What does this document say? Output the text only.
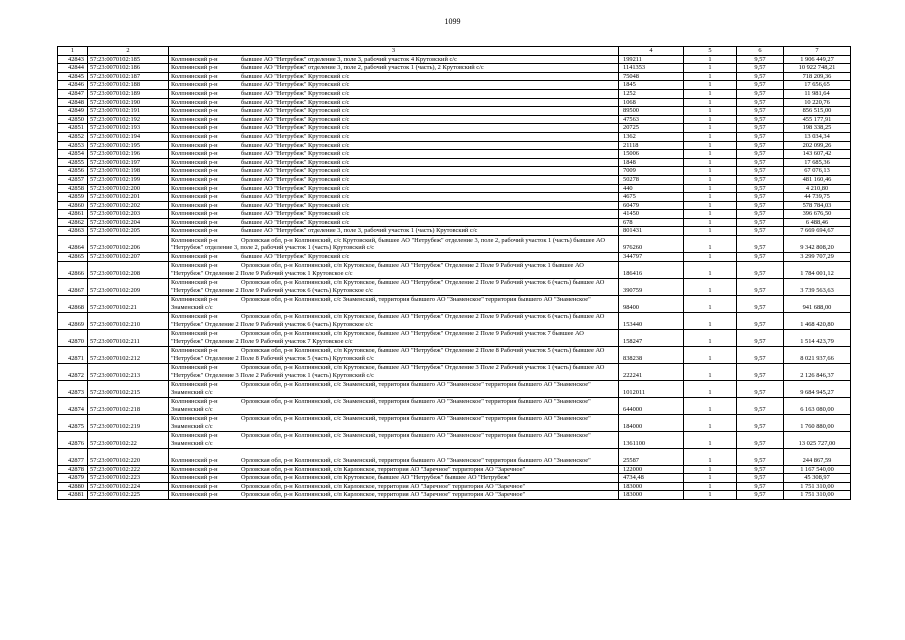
1099
1	2	3	4	5	6	7
42843	57:23:0070102:185	Колпнянский р-н бывшее АО "Нетрубеж" отделение 3, поле 3, рабочий участок 4 Крутовский с/с	199211	1	9,57	1 906 449,27
42844	57:23:0070102:186	Колпнянский р-н бывшее АО "Нетрубеж" отделение 3, поле 2, рабочий участок 1 (часть), 2 Крутовский с/с	1141353	1	9,57	10 922 748,21
42845	57:23:0070102:187	Колпнянский р-н бывшее АО "Нетрубеж" Крутовский с/с	75048	1	9,57	718 209,36
42846	57:23:0070102:188	Колпнянский р-н бывшее АО "Нетрубеж" Крутовский с/с	1845	1	9,57	17 656,65
42847	57:23:0070102:189	Колпнянский р-н бывшее АО "Нетрубеж" Крутовский с/с	1252	1	9,57	11 981,64
42848	57:23:0070102:190	Колпнянский р-н бывшее АО "Нетрубеж" Крутовский с/с	1068	1	9,57	10 220,76
42849	57:23:0070102:191	Колпнянский р-н бывшее АО "Нетрубеж" Крутовский с/с	89500	1	9,57	856 515,00
42850	57:23:0070102:192	Колпнянский р-н бывшее АО "Нетрубеж" Крутовский с/с	47563	1	9,57	455 177,91
42851	57:23:0070102:193	Колпнянский р-н бывшее АО "Нетрубеж" Крутовский с/с	20725	1	9,57	198 338,25
42852	57:23:0070102:194	Колпнянский р-н бывшее АО "Нетрубеж" Крутовский с/с	1362	1	9,57	13 034,34
42853	57:23:0070102:195	Колпнянский р-н бывшее АО "Нетрубеж" Крутовский с/с	21118	1	9,57	202 099,26
42854	57:23:0070102:196	Колпнянский р-н бывшее АО "Нетрубеж" Крутовский с/с	15006	1	9,57	143 607,42
42855	57:23:0070102:197	Колпнянский р-н бывшее АО "Нетрубеж" Крутовский с/с	1848	1	9,57	17 685,36
42856	57:23:0070102:198	Колпнянский р-н бывшее АО "Нетрубеж" Крутовский с/с	7009	1	9,57	67 076,13
42857	57:23:0070102:199	Колпнянский р-н бывшее АО "Нетрубеж" Крутовский с/с	50278	1	9,57	481 160,46
42858	57:23:0070102:200	Колпнянский р-н бывшее АО "Нетрубеж" Крутовский с/с	440	1	9,57	4 210,80
42859	57:23:0070102:201	Колпнянский р-н бывшее АО "Нетрубеж" Крутовский с/с	4675	1	9,57	44 739,75
42860	57:23:0070102:202	Колпнянский р-н бывшее АО "Нетрубеж" Крутовский с/с	60479	1	9,57	578 784,03
42861	57:23:0070102:203	Колпнянский р-н бывшее АО "Нетрубеж" Крутовский с/с	41450	1	9,57	396 676,50
42862	57:23:0070102:204	Колпнянский р-н бывшее АО "Нетрубеж" Крутовский с/с	678	1	9,57	6 488,46
42863	57:23:0070102:205	Колпнянский р-н бывшее АО "Нетрубеж" отделение 3, поле 3, рабочий участок 1 (часть) Крутовский с/с	801431	1	9,57	7 669 694,67
42864	57:23:0070102:206	Колпнянский р-н Орловская обл, р-н Колпнянский, с/с Крутовский, бывшее АО "Нетрубеж" отделение 3, поле 2, рабочий участок 1 (часть) бывшее АО "Нетрубеж" отделение 3, поле 2, рабочий участок 1 (часть) Крутовский с/с	976260	1	9,57	9 342 808,20
42865	57:23:0070102:207	Колпнянский р-н бывшее АО "Нетрубеж" Крутовский с/с	344797	1	9,57	3 299 707,29
42866	57:23:0070102:208	Колпнянский р-н Орловская обл, р-н Колпнянский, с/п Крутовское, бывшее АО "Нетрубеж" Отделение 2 Поле 9 Рабочий участок 1 бывшее АО "Нетрубеж" Отделение 2 Поле 9 Рабочий участок 1 Крутовское с/с	186416	1	9,57	1 784 001,12
42867	57:23:0070102:209	Колпнянский р-н Орловская обл, р-н Колпнянский, с/п Крутовское, бывшее АО "Нетрубеж" Отделение 2 Поле 9 Рабочий участок 6 (часть) бывшее АО "Нетрубеж" Отделение 2 Поле 9 Рабочий участок 6 (часть) Крутовское с/с	390759	1	9,57	3 739 563,63
42868	57:23:0070102:21	Колпнянский р-н Орловская обл, р-н Колпнянский, с/с Знаменский, территория бывшего АО "Знаменское" территория бывшего АО "Знаменское" Знаменский с/с	98400	1	9,57	941 688,00
42869	57:23:0070102:210	Колпнянский р-н Орловская обл, р-н Колпнянский, с/п Крутовское, бывшее АО "Нетрубеж" Отделение 2 Поле 9 Рабочий участок 6 (часть) бывшее АО "Нетрубеж" Отделение 2 Поле 9 Рабочий участок 6 (часть) Крутовское с/с	153440	1	9,57	1 468 420,80
42870	57:23:0070102:211	Колпнянский р-н Орловская обл, р-н Колпнянский, с/п Крутовское, бывшее АО "Нетрубеж" Отделение 2 Поле 9 Рабочий участок 7 бывшее АО "Нетрубеж" Отделение 2 Поле 9 Рабочий участок 7 Крутовское с/с	158247	1	9,57	1 514 423,79
42871	57:23:0070102:212	Колпнянский р-н Орловская обл, р-н Колпнянский, с/п Крутовское, бывшее АО "Нетрубеж" Отделение 2 Поле 8 Рабочий участок 5 (часть) бывшее АО "Нетрубеж" Отделение 2 Поле 8 Рабочий участок 5 (часть) Крутовский с/с	838238	1	9,57	8 021 937,66
42872	57:23:0070102:213	Колпнянский р-н Орловская обл, р-н Колпнянский, с/п Крутовское, бывшее АО "Нетрубеж" Отделение 3 Поле 2 Рабочий участок 1 (часть) бывшее АО "Нетрубеж" Отделение 3 Поле 2 Рабочий участок 1 (часть) Крутовский с/с	222241	1	9,57	2 126 846,37
42873	57:23:0070102:215	Колпнянский р-н Орловская обл, р-н Колпнянский, с/с Знаменский, территория бывшего АО "Знаменское" территория бывшего АО "Знаменское" Знаменский с/с	1012011	1	9,57	9 684 945,27
42874	57:23:0070102:218	Колпнянский р-н Орловская обл, р-н Колпнянский, с/с Знаменский, территория бывшего АО "Знаменское" территория бывшего АО "Знаменское" Знаменский с/с	644000	1	9,57	6 163 080,00
42875	57:23:0070102:219	Колпнянский р-н Орловская обл, р-н Колпнянский, с/с Знаменский, территория бывшего АО "Знаменское" территория бывшего АО "Знаменское" Знаменский с/с	184000	1	9,57	1 760 880,00
42876	57:23:0070102:22	Колпнянский р-н Орловская обл, р-н Колпнянский, с/с Знаменский, территория бывшего АО "Знаменское" территория бывшего АО "Знаменское" Знаменский с/с	1361100	1	9,57	13 025 727,00
42877	57:23:0070102:220	Колпнянский р-н Орловская обл, р-н Колпнянский, с/с Знаменский, территория бывшего АО "Знаменское" территория бывшего АО "Знаменское"	25587	1	9,57	244 867,59
42878	57:23:0070102:222	Колпнянский р-н Орловская обл, р-н Колпнянский, с/п Карловское, территория АО "Заречное" территория АО "Заречное"	122000	1	9,57	1 167 540,00
42879	57:23:0070102:223	Колпнянский р-н Орловская обл, р-н Колпнянский, с/п Крутовское, бывшее АО "Нетрубеж" бывшее АО "Нетрубеж"	4734,48	1	9,57	45 308,97
42880	57:23:0070102:224	Колпнянский р-н Орловская обл, р-н Колпнянский, с/п Карловское, территория АО "Заречное" территория АО "Заречное"	183000	1	9,57	1 751 310,00
42881	57:23:0070102:225	Колпнянский р-н Орловская обл, р-н Колпнянский, с/п Карловское, территория АО "Заречное" территория АО "Заречное"	183000	1	9,57	1 751 310,00
